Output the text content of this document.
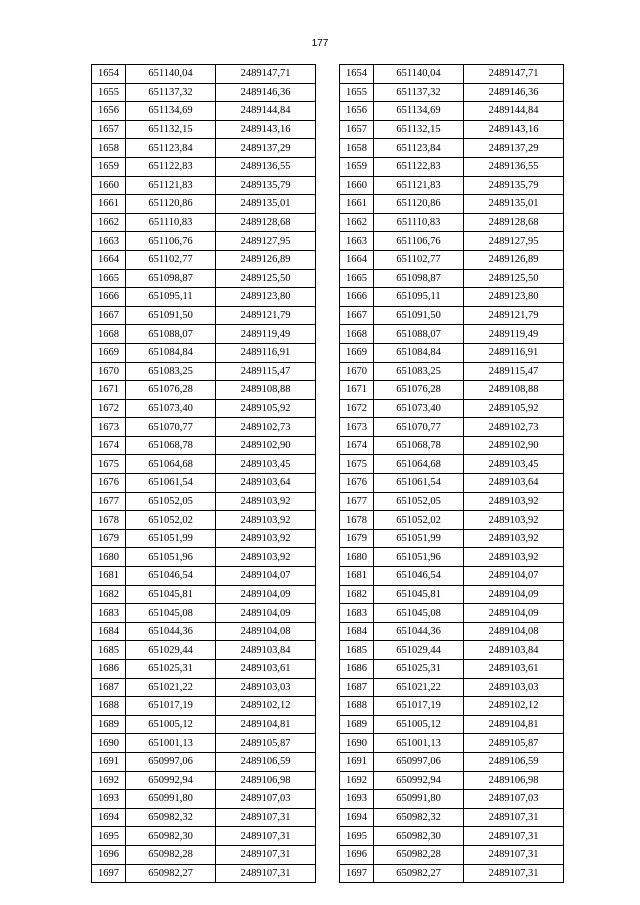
177
1654	651140,04	2489147,71
1655	651137,32	2489146,36
1656	651134,69	2489144,84
1657	651132,15	2489143,16
1658	651123,84	2489137,29
1659	651122,83	2489136,55
1660	651121,83	2489135,79
1661	651120,86	2489135,01
1662	651110,83	2489128,68
1663	651106,76	2489127,95
1664	651102,77	2489126,89
1665	651098,87	2489125,50
1666	651095,11	2489123,80
1667	651091,50	2489121,79
1668	651088,07	2489119,49
1669	651084,84	2489116,91
1670	651083,25	2489115,47
1671	651076,28	2489108,88
1672	651073,40	2489105,92
1673	651070,77	2489102,73
1674	651068,78	2489102,90
1675	651064,68	2489103,45
1676	651061,54	2489103,64
1677	651052,05	2489103,92
1678	651052,02	2489103,92
1679	651051,99	2489103,92
1680	651051,96	2489103,92
1681	651046,54	2489104,07
1682	651045,81	2489104,09
1683	651045,08	2489104,09
1684	651044,36	2489104,08
1685	651029,44	2489103,84
1686	651025,31	2489103,61
1687	651021,22	2489103,03
1688	651017,19	2489102,12
1689	651005,12	2489104,81
1690	651001,13	2489105,87
1691	650997,06	2489106,59
1692	650992,94	2489106,98
1693	650991,80	2489107,03
1694	650982,32	2489107,31
1695	650982,30	2489107,31
1696	650982,28	2489107,31
1697	650982,27	2489107,31
1654	651140,04	2489147,71
1655	651137,32	2489146,36
1656	651134,69	2489144,84
1657	651132,15	2489143,16
1658	651123,84	2489137,29
1659	651122,83	2489136,55
1660	651121,83	2489135,79
1661	651120,86	2489135,01
1662	651110,83	2489128,68
1663	651106,76	2489127,95
1664	651102,77	2489126,89
1665	651098,87	2489125,50
1666	651095,11	2489123,80
1667	651091,50	2489121,79
1668	651088,07	2489119,49
1669	651084,84	2489116,91
1670	651083,25	2489115,47
1671	651076,28	2489108,88
1672	651073,40	2489105,92
1673	651070,77	2489102,73
1674	651068,78	2489102,90
1675	651064,68	2489103,45
1676	651061,54	2489103,64
1677	651052,05	2489103,92
1678	651052,02	2489103,92
1679	651051,99	2489103,92
1680	651051,96	2489103,92
1681	651046,54	2489104,07
1682	651045,81	2489104,09
1683	651045,08	2489104,09
1684	651044,36	2489104,08
1685	651029,44	2489103,84
1686	651025,31	2489103,61
1687	651021,22	2489103,03
1688	651017,19	2489102,12
1689	651005,12	2489104,81
1690	651001,13	2489105,87
1691	650997,06	2489106,59
1692	650992,94	2489106,98
1693	650991,80	2489107,03
1694	650982,32	2489107,31
1695	650982,30	2489107,31
1696	650982,28	2489107,31
1697	650982,27	2489107,31
